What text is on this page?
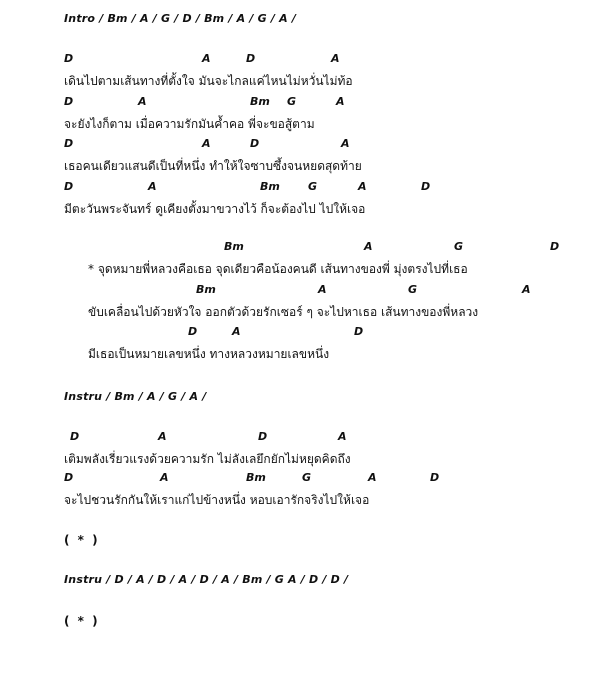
Intro / Bm / A / G / D / Bm / A / G / A /
D	A	D	A
เดินไปตามเส้นทางที่ตั้งใจ มันจะไกลแค่ไหนไม่หวั่นไม่ท้อ
D	A	Bm G	A
จะยังไงก็ตาม เมื่อความรักมันค้ำคอ พี่จะขอสู้ตาม
D	A	D	A
เธอคนเดียวแสนดีเป็นที่หนึ่ง ทำให้ใจซาบซึ้งจนหยดสุดท้าย
D	A	Bm	G	A	D
มีตะวันพระจันทร์ ดูเคียงตั้งมาขวางไว้ ก็จะต้องไป ไปให้เจอ
Bm	A	G	D
* จุดหมายพี่หลวงคือเธอ จุดเดียวคือน้องคนดี เส้นทางของพี่ มุ่งตรงไปที่เธอ
Bm	A	G	A
ขับเคลื่อนไปด้วยหัวใจ ออกตัวด้วยรักเซอร์ ๆ จะไปหาเธอ เส้นทางของพี่หลวง
D	A	D
มีเธอเป็นหมายเลขหนึ่ง ทางหลวงหมายเลขหนึ่ง
Instru / Bm / A / G / A /
D	A	D	A
เติมพลังเรี่ยวแรงด้วยความรัก ไม่ลังเลยึกยักไม่หยุดคิดถึง
D	A	Bm	G	A	D
จะไปชวนรักกันให้เราแก่ไปข้างหนึ่ง หอบเอารักจริงไปให้เจอ
( * )
Instru / D / A / D / A / D / A / Bm / G A / D / D /
( * )
